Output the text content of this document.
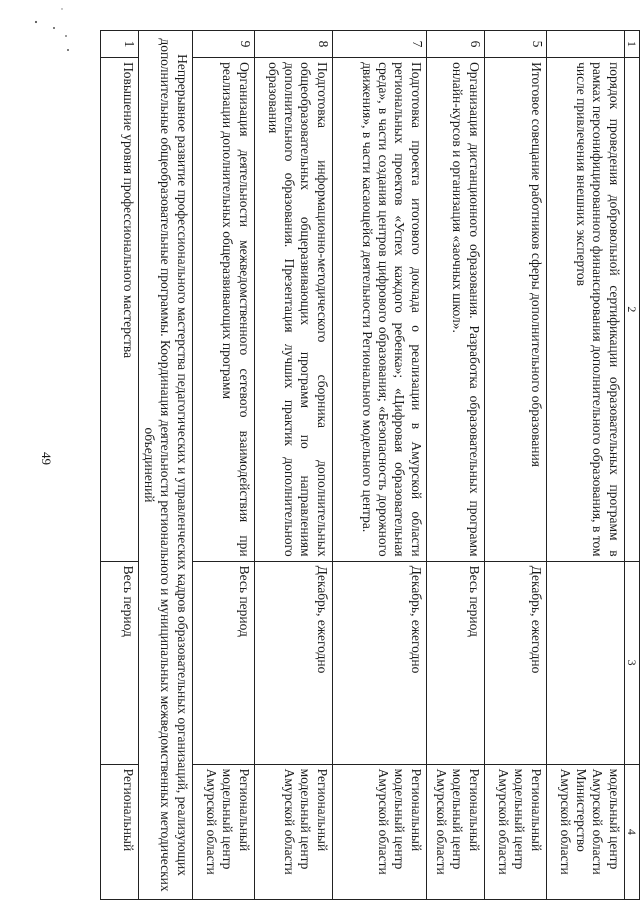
49
1	2	3	4
	порядок проведения добровольной сертификации образовательных программ в рамках персонифицированного финансирования дополнительного образования, в том числе привлечения внешних экспертов		модельный центр Амурской области Министерство Амурской области
5	Итоговое совещание работников сферы дополнительного образования	Декабрь, ежегодно	Региональный модельный центр Амурской области
6	Организация дистанционного образования. Разработка образовательных программ онлайн-курсов и организация «заочных школ».	Весь период	Региональный модельный центр Амурской области
7	Подготовка проекта итогового доклада о реализации в Амурской области региональных проектов «Успех каждого ребенка»; «Цифровая образовательная среда», в части создания центров цифрового образования; «Безопасность дорожного движения», в части касающейся деятельности Регионального модельного центра.	Декабрь, ежегодно	Региональный модельный центр Амурской области
8	Подготовка информационно-методического сборника дополнительных общеобразовательных общеразвивающих программ по направлениям дополнительного образования. Презентация лучших практик дополнительного образования	Декабрь, ежегодно	Региональный модельный центр Амурской области
9	Организация деятельности межведомственного сетевого взаимодействия при реализации дополнительных общеразвивающих программ	Весь период	Региональный модельный центр Амурской области
Непрерывное развитие профессионального мастерства педагогических и управленческих кадров образовательных организаций, реализующих дополнительные общеобразовательные программы. Координация деятельности регионального и муниципальных межведомственных методических объединений			
1	Повышение уровня профессионального мастерства	Весь период	Региональный
